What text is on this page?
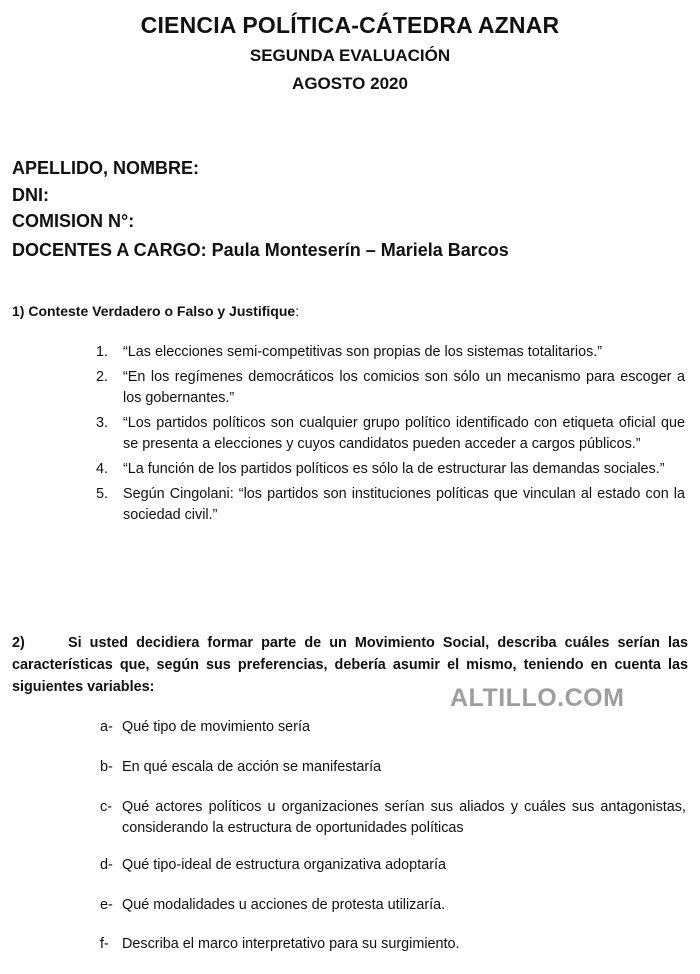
CIENCIA POLÍTICA-CÁTEDRA AZNAR
SEGUNDA EVALUACIÓN
AGOSTO 2020
APELLIDO, NOMBRE:
DNI:
COMISION N°:
DOCENTES A CARGO: Paula Monteserín – Mariela Barcos
1) Conteste Verdadero o Falso y Justifique:
1. “Las elecciones semi-competitivas son propias de los sistemas totalitarios.”
2. “En los regímenes democráticos los comicios son sólo un mecanismo para escoger a los gobernantes.”
3. “Los partidos políticos son cualquier grupo político identificado con etiqueta oficial que se presenta a elecciones y cuyos candidatos pueden acceder a cargos públicos.”
4. “La función de los partidos políticos es sólo la de estructurar las demandas sociales.”
5. Según Cingolani: “los partidos son instituciones políticas que vinculan al estado con la sociedad civil.”
2)	Si usted decidiera formar parte de un Movimiento Social, describa cuáles serían las características que, según sus preferencias, debería asumir el mismo, teniendo en cuenta las siguientes variables:	ALTILLO.COM
a- Qué tipo de movimiento sería
b- En qué escala de acción se manifestaría
c- Qué actores políticos u organizaciones serían sus aliados y cuáles sus antagonistas, considerando la estructura de oportunidades políticas
d- Qué tipo-ideal de estructura organizativa adoptaría
e- Qué modalidades u acciones de protesta utilizaría.
f- Describa el marco interpretativo para su surgimiento.
